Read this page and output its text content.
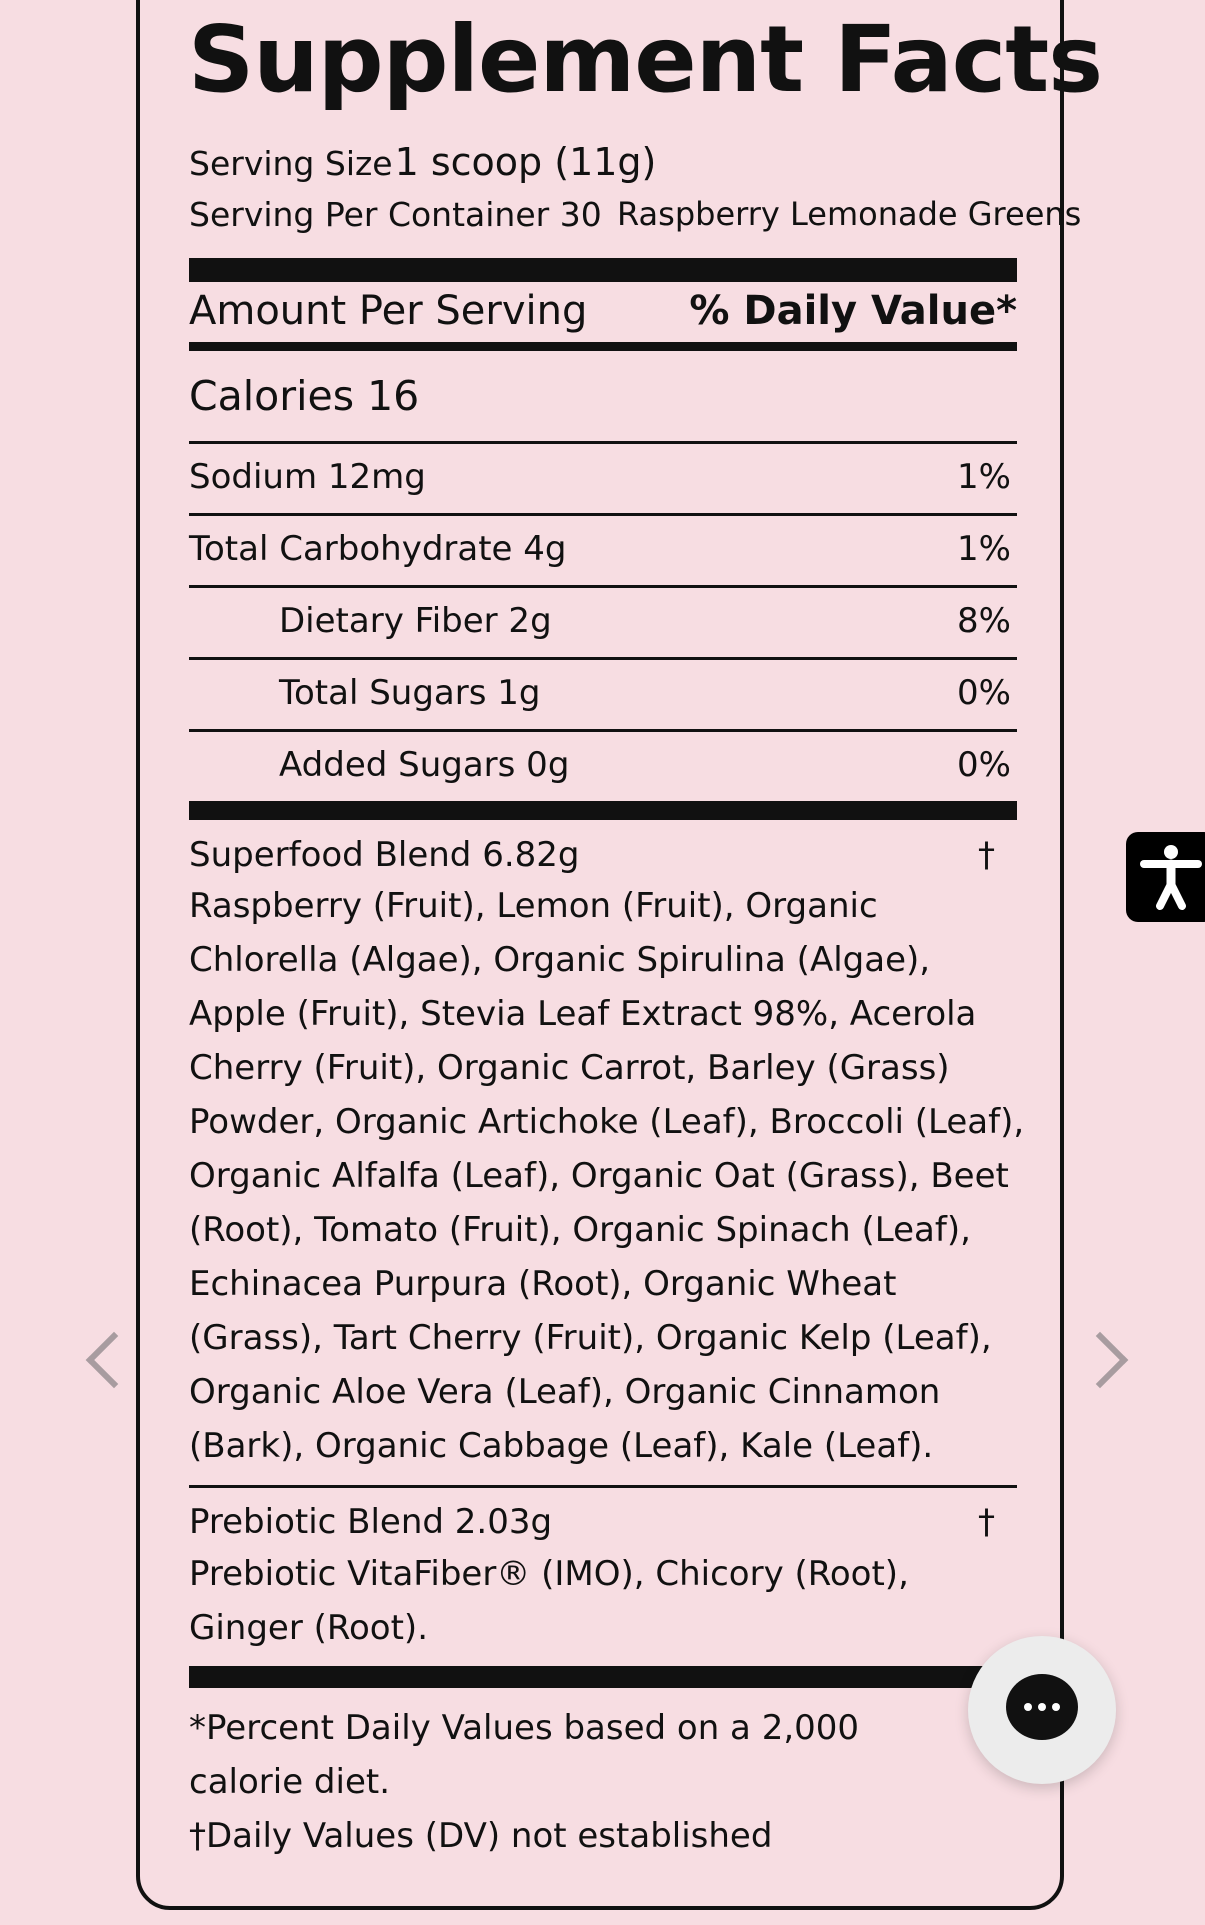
Supplement Facts
Serving Size1 scoop (11g)
Serving Per Container 30 Raspberry Lemonade Greens
Amount Per Serving	% Daily Value*
Calories 16
Sodium 12mg	1%
Total Carbohydrate 4g	1%
Dietary Fiber 2g	8%
Total Sugars 1g	0%
Added Sugars 0g	0%
Superfood Blend 6.82g	†
Raspberry (Fruit), Lemon (Fruit), Organic Chlorella (Algae), Organic Spirulina (Algae), Apple (Fruit), Stevia Leaf Extract 98%, Acerola Cherry (Fruit), Organic Carrot, Barley (Grass) Powder, Organic Artichoke (Leaf), Broccoli (Leaf), Organic Alfalfa (Leaf), Organic Oat (Grass), Beet (Root), Tomato (Fruit), Organic Spinach (Leaf), Echinacea Purpura (Root), Organic Wheat (Grass), Tart Cherry (Fruit), Organic Kelp (Leaf), Organic Aloe Vera (Leaf), Organic Cinnamon (Bark), Organic Cabbage (Leaf), Kale (Leaf).
Prebiotic Blend 2.03g	†
Prebiotic VitaFiber® (IMO), Chicory (Root), Ginger (Root).
*Percent Daily Values based on a 2,000 calorie diet.
†Daily Values (DV) not established
